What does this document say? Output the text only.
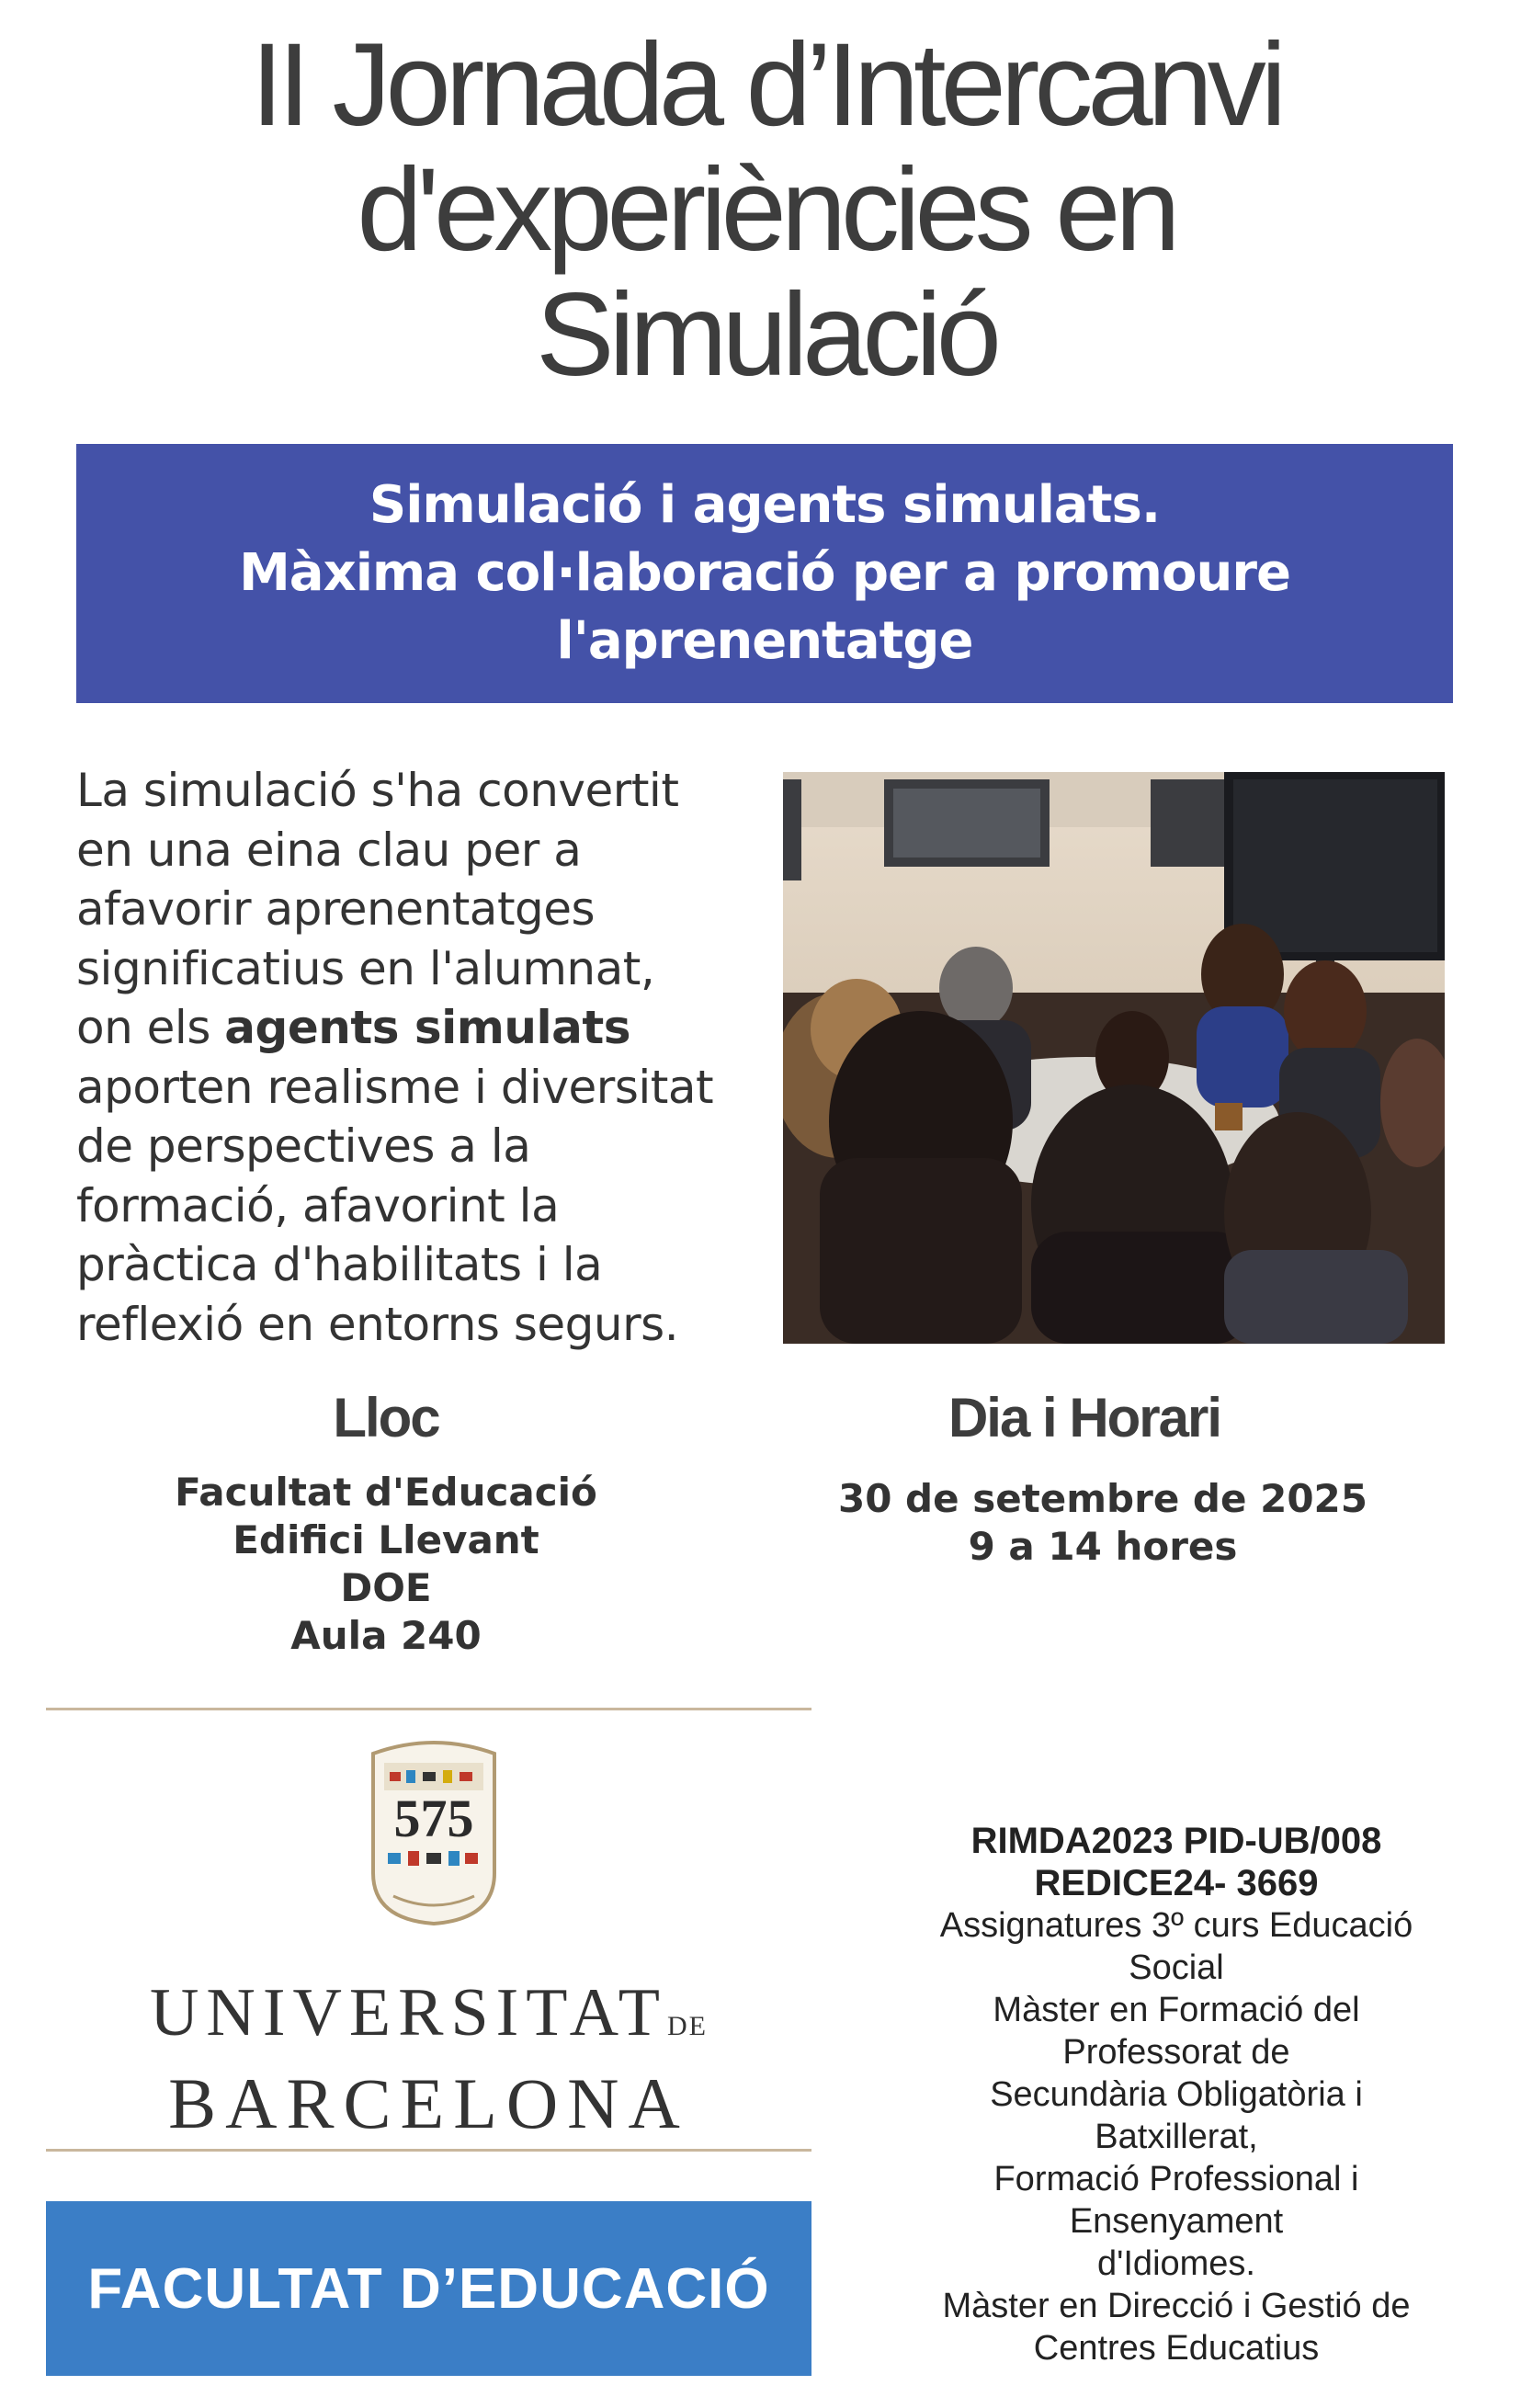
II Jornada d’Intercanvi
d'experiències en
Simulació
Simulació i agents simulats.
Màxima col·laboració per a promoure
l'aprenentatge
La simulació s'ha convertit
en una eina clau per a
afavorir aprenentatges
significatius en l'alumnat,
on els agents simulats
aporten realisme i diversitat
de perspectives a la
formació, afavorint la
pràctica d'habilitats i la
reflexió en entorns segurs.
Lloc
Facultat d'Educació
Edifici Llevant
DOE
Aula 240
Dia i Horari
30 de setembre de 2025
9 a 14 hores
575
UNIVERSITATDE
BARCELONA
FACULTAT D’EDUCACIÓ
RIMDA2023 PID-UB/008
REDICE24- 3669
Assignatures 3º curs Educació
Social
Màster en Formació del
Professorat de
Secundària Obligatòria i
Batxillerat,
Formació Professional i
Ensenyament
d'Idiomes.
Màster en Direcció i Gestió de
Centres Educatius
